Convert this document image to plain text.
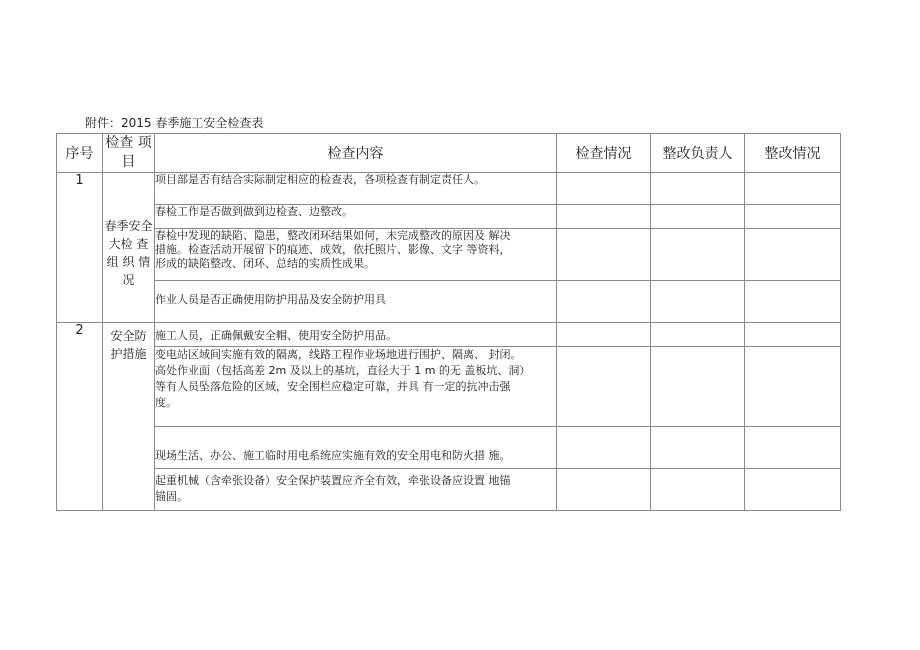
附件：2015 春季施工安全检查表
序号	检查 项目	检查内容	检查情况	整改负责人	整改情况
1	春季安全大检 查组 织 情况	项目部是否有结合实际制定相应的检查表，各项检查有制定责任人。			

		春检工作是否做到做到边检查、边整改。			

		春检中发现的缺陷、隐患，整改闭环结果如何，未完成整改的原因及 解决
措施。检查活动开展留下的痕迹、成效，依托照片、影像、文字 等资料，
形成的缺陷整改、闭环、总结的实质性成果。			

		作业人员是否正确使用防护用品及安全防护用具			

2	安全防 护措施	施工人员，正确佩戴安全帽、使用安全防护用品。			

		变电站区域间实施有效的隔离，线路工程作业场地进行围护、隔离、 封闭。
高处作业面（包括高差 2m 及以上的基坑，直径大于 1 m 的无 盖板坑、洞）
等有人员坠落危险的区域，安全围栏应稳定可靠，并具 有一定的抗冲击强
度。			

		现场生活、办公、施工临时用电系统应实施有效的安全用电和防火措 施。			

		起重机械（含牵张设备）安全保护装置应齐全有效，牵张设备应设置 地锚
锚固。			
